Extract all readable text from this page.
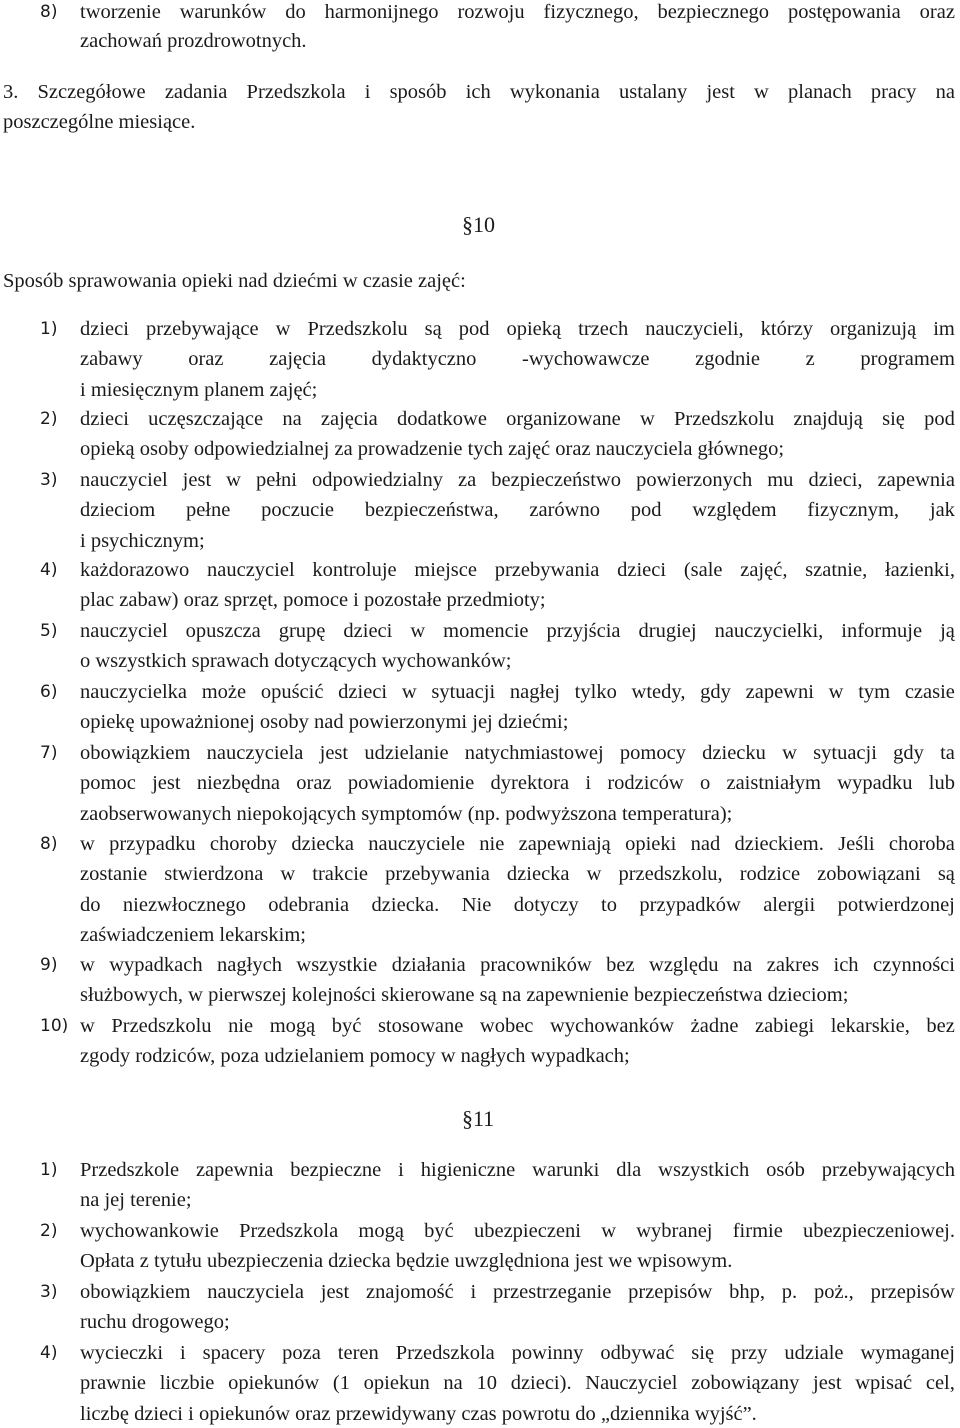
8)	tworzenie warunków do harmonijnego rozwoju fizycznego, bezpiecznego postępowania oraz
zachowań prozdrowotnych.
3. Szczegółowe zadania Przedszkola i sposób ich wykonania ustalany jest w planach pracy na
poszczególne miesiące.
§10
Sposób sprawowania opieki nad dziećmi w czasie zajęć:
1)	dzieci przebywające w Przedszkolu są pod opieką trzech nauczycieli, którzy organizują im
zabawy oraz zajęcia dydaktyczno -wychowawcze zgodnie z programem
i miesięcznym planem zajęć;
2)	dzieci uczęszczające na zajęcia dodatkowe organizowane w Przedszkolu znajdują się pod
opieką osoby odpowiedzialnej za prowadzenie tych zajęć oraz nauczyciela głównego;
3)	nauczyciel jest w pełni odpowiedzialny za bezpieczeństwo powierzonych mu dzieci, zapewnia
dzieciom pełne poczucie bezpieczeństwa, zarówno pod względem fizycznym, jak
i psychicznym;
4)	każdorazowo nauczyciel kontroluje miejsce przebywania dzieci (sale zajęć, szatnie, łazienki,
plac zabaw) oraz sprzęt, pomoce i pozostałe przedmioty;
5)	nauczyciel opuszcza grupę dzieci w momencie przyjścia drugiej nauczycielki, informuje ją
o wszystkich sprawach dotyczących wychowanków;
6)	nauczycielka może opuścić dzieci w sytuacji nagłej tylko wtedy, gdy zapewni w tym czasie
opiekę upoważnionej osoby nad powierzonymi jej dziećmi;
7)	obowiązkiem nauczyciela jest udzielanie natychmiastowej pomocy dziecku w sytuacji gdy ta
pomoc jest niezbędna oraz powiadomienie dyrektora i rodziców o zaistniałym wypadku lub
zaobserwowanych niepokojących symptomów (np. podwyższona temperatura);
8)	w przypadku choroby dziecka nauczyciele nie zapewniają opieki nad dzieckiem. Jeśli choroba
zostanie stwierdzona w trakcie przebywania dziecka w przedszkolu, rodzice zobowiązani są
do niezwłocznego odebrania dziecka. Nie dotyczy to przypadków alergii potwierdzonej
zaświadczeniem lekarskim;
9)	w wypadkach nagłych wszystkie działania pracowników bez względu na zakres ich czynności
służbowych, w pierwszej kolejności skierowane są na zapewnienie bezpieczeństwa dzieciom;
10) w Przedszkolu nie mogą być stosowane wobec wychowanków żadne zabiegi lekarskie, bez
zgody rodziców, poza udzielaniem pomocy w nagłych wypadkach;
§11
1)	Przedszkole zapewnia bezpieczne i higieniczne warunki dla wszystkich osób przebywających
na jej terenie;
2)	wychowankowie Przedszkola mogą być ubezpieczeni w wybranej firmie ubezpieczeniowej.
Opłata z tytułu ubezpieczenia dziecka będzie uwzględniona jest we wpisowym.
3)	obowiązkiem nauczyciela jest znajomość i przestrzeganie przepisów bhp, p. poż., przepisów
ruchu drogowego;
4)	wycieczki i spacery poza teren Przedszkola powinny odbywać się przy udziale wymaganej
prawnie liczbie opiekunów (1 opiekun na 10 dzieci). Nauczyciel zobowiązany jest wpisać cel,
liczbę dzieci i opiekunów oraz przewidywany czas powrotu do „dziennika wyjść”.
